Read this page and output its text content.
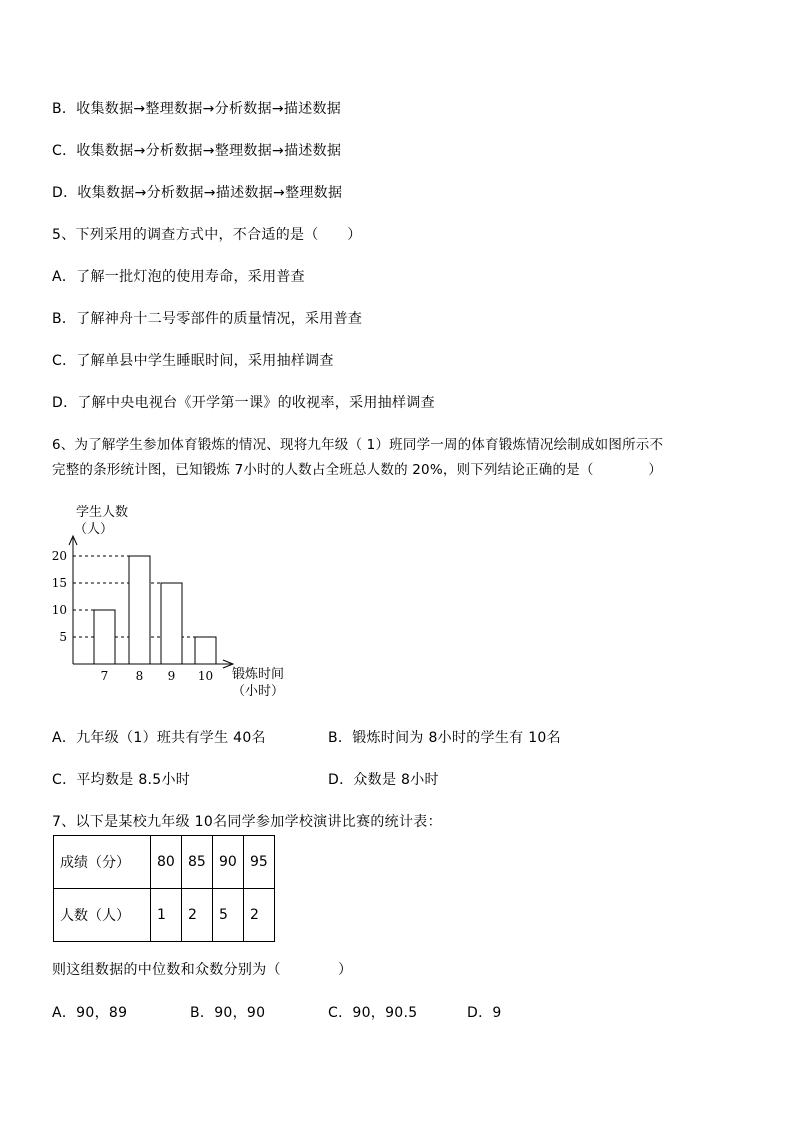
B．收集数据→整理数据→分析数据→描述数据
C．收集数据→分析数据→整理数据→描述数据
D．收集数据→分析数据→描述数据→整理数据
5、下列采用的调查方式中，不合适的是（　　）
A．了解一批灯泡的使用寿命，采用普查
B．了解神舟十二号零部件的质量情况，采用普查
C．了解单县中学生睡眠时间，采用抽样调查
D．了解中央电视台《开学第一课》的收视率，采用抽样调查
6、为了解学生参加体育锻炼的情况、现将九年级（ 1）班同学一周的体育锻炼情况绘制成如图所示不
完整的条形统计图，已知锻炼 7小时的人数占全班总人数的 20%，则下列结论正确的是（　　　　）
5
10
15
20
7 8 9 10
学生人数
（人）
锻炼时间
（小时）
A．九年级（1）班共有学生 40名	B．锻炼时间为 8小时的学生有 10名
C．平均数是 8.5小时	D．众数是 8小时
7、以下是某校九年级 10名同学参加学校演讲比赛的统计表：
成绩（分）	80	85	90	95
人数（人）	1	2	5	2
则这组数据的中位数和众数分别为（　　　　）
A．90，89	B．90，90	C．90，90.5	D．9
